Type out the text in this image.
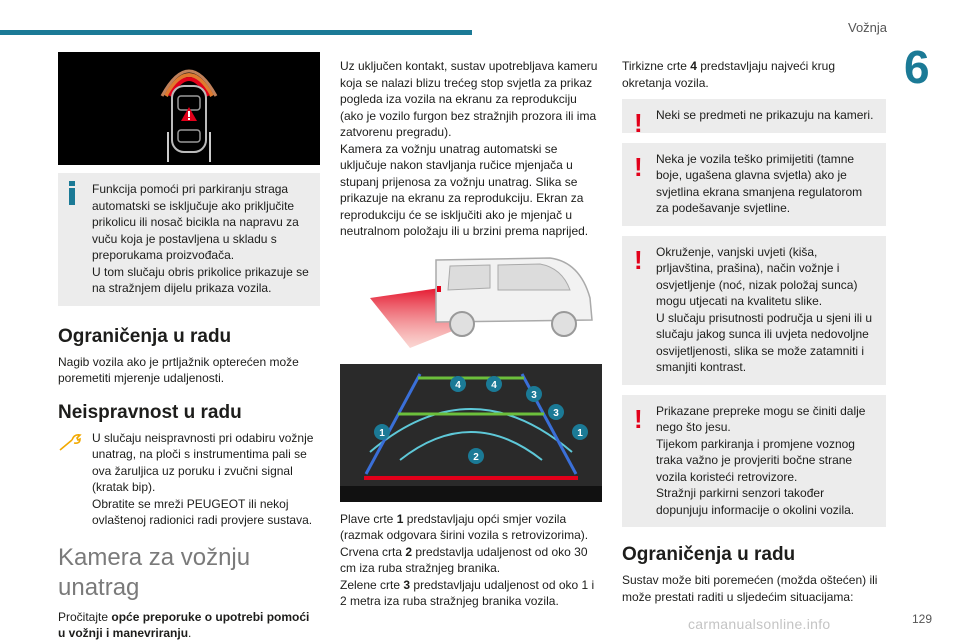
Vožnja
6
129
carmanualsonline.info

Funkcija pomoći pri parkiranju straga automatski se isključuje ako priključite prikolicu ili nosač bicikla na napravu za vuču koja je postavljena u skladu s preporukama proizvođača.
U tom slučaju obris prikolice prikazuje se na stražnjem dijelu prikaza vozila.

Ograničenja u radu

Nagib vozila ako je prtljažnik opterećen može poremetiti mjerenje udaljenosti.

Neispravnost u radu

U slučaju neispravnosti pri odabiru vožnje unatrag, na ploči s instrumentima pali se ova žaruljica uz poruku i zvučni signal (kratak bip).
Obratite se mreži PEUGEOT ili nekoj ovlaštenoj radionici radi provjere sustava.

Kamera za vožnju unatrag

Pročitajte opće preporuke o upotrebi pomoći u vožnji i manevriranju.

Uz uključen kontakt, sustav upotrebljava kameru koja se nalazi blizu trećeg stop svjetla za prikaz pogleda iza vozila na ekranu za reprodukciju (ako je vozilo furgon bez stražnjih prozora ili ima zatvorenu pregradu).
Kamera za vožnju unatrag automatski se uključuje nakon stavljanja ručice mjenjača u stupanj prijenosa za vožnju unatrag. Slika se prikazuje na ekranu za reprodukciju. Ekran za reprodukciju će se isključiti ako je mjenjač u neutralnom položaju ili u brzini prema naprijed.

1	1
2
3
3
4	4

Plave crte 1 predstavljaju opći smjer vozila (razmak odgovara širini vozila s retrovizorima).

Crvena crta 2 predstavlja udaljenost od oko 30 cm iza ruba stražnjeg branika.

Zelene crte 3 predstavljaju udaljenost od oko 1 i 2 metra iza ruba stražnjeg branika vozila.

Tirkizne crte 4 predstavljaju najveći krug okretanja vozila.

!	Neki se predmeti ne prikazuju na kameri.

!	Neka je vozila teško primijetiti (tamne boje, ugašena glavna svjetla) ako je svjetlina ekrana smanjena regulatorom za podešavanje svjetline.

!	Okruženje, vanjski uvjeti (kiša, prljavština, prašina), način vožnje i osvjetljenje (noć, nizak položaj sunca) mogu utjecati na kvalitetu slike.
U slučaju prisutnosti područja u sjeni ili u slučaju jakog sunca ili uvjeta nedovoljne osvijetljenosti, slika se može zatamniti i smanjiti kontrast.

!	Prikazane prepreke mogu se činiti dalje nego što jesu.
Tijekom parkiranja i promjene voznog traka važno je provjeriti bočne strane vozila koristeći retrovizore.
Stražnji parkirni senzori također dopunjuju informacije o okolini vozila.

Ograničenja u radu

Sustav može biti poremećen (možda oštećen) ili može prestati raditi u sljedećim situacijama:
